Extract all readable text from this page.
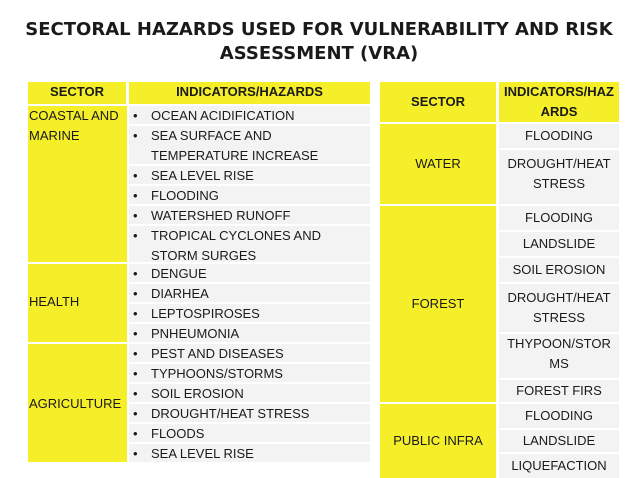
SECTORAL HAZARDS USED FOR VULNERABILITY AND RISK
ASSESSMENT (VRA)
SECTOR	INDICATORS/HAZARDS
COASTAL AND
MARINE
• OCEAN ACIDIFICATION
• SEA SURFACE AND
TEMPERATURE INCREASE
• SEA LEVEL RISE
• FLOODING
• WATERSHED RUNOFF
• TROPICAL CYCLONES AND
STORM SURGES
HEALTH
• DENGUE
• DIARHEA
• LEPTOSPIROSES
• PNHEUMONIA
AGRICULTURE
• PEST AND DISEASES
• TYPHOONS/STORMS
• SOIL EROSION
• DROUGHT/HEAT STRESS
• FLOODS
• SEA LEVEL RISE
SECTOR
INDICATORS/HAZ
ARDS
WATER
FLOODING
DROUGHT/HEAT
STRESS
FOREST
FLOODING
LANDSLIDE
SOIL EROSION
DROUGHT/HEAT
STRESS
THYPOON/STOR
MS
FOREST FIRS
PUBLIC INFRA
FLOODING
LANDSLIDE
LIQUEFACTION
